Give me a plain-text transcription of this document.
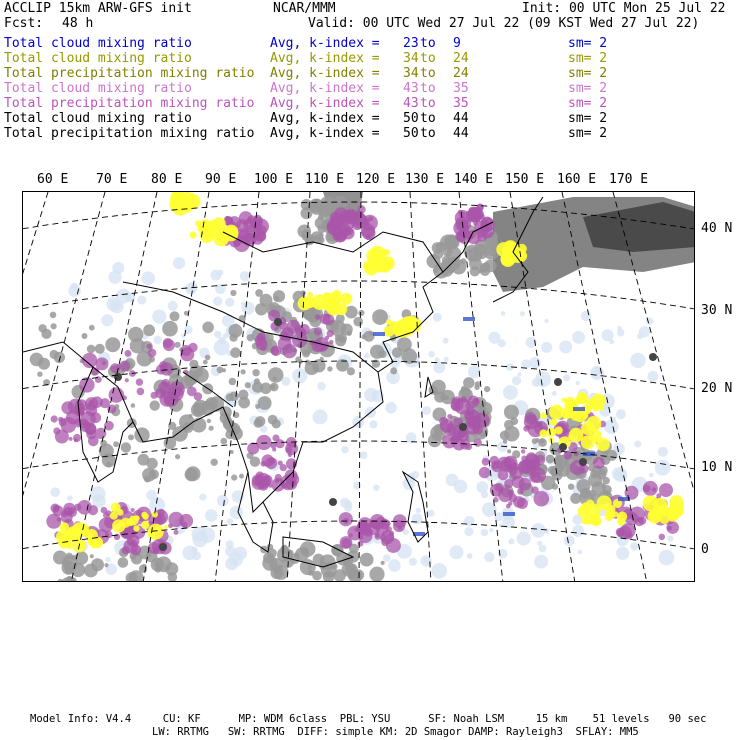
ACCLIP 15km ARW-GFS init	NCAR/MMM	Init: 00 UTC Mon 25 Jul 22
Fcst: 48 h	Valid: 00 UTC Wed 27 Jul 22 (09 KST Wed 27 Jul 22)
Total cloud mixing ratio	Avg, k-index = 23 to 9	sm= 2
Total cloud mixing ratio	Avg, k-index = 34 to 24	sm= 2
Total precipitation mixing ratio Avg, k-index = 34 to 24	sm= 2
Total cloud mixing ratio	Avg, k-index = 43 to 35	sm= 2
Total precipitation mixing ratio Avg, k-index = 43 to 35	sm= 2
Total cloud mixing ratio	Avg, k-index = 50 to 44	sm= 2
Total precipitation mixing ratio Avg, k-index = 50 to 44	sm= 2
60 E 70 E 80 E 90 E 100 E 110 E 120 E 130 E 140 E 150 E 160 E 170 E
40 N
30 N
20 N
10 N
0
Model Info: V4.4     CU: KF      MP: WDM 6class  PBL: YSU      SF: Noah LSM     15 km    51 levels   90 sec
LW: RRTMG   SW: RRTMG  DIFF: simple KM: 2D Smagor DAMP: Rayleigh3  SFLAY: MM5
